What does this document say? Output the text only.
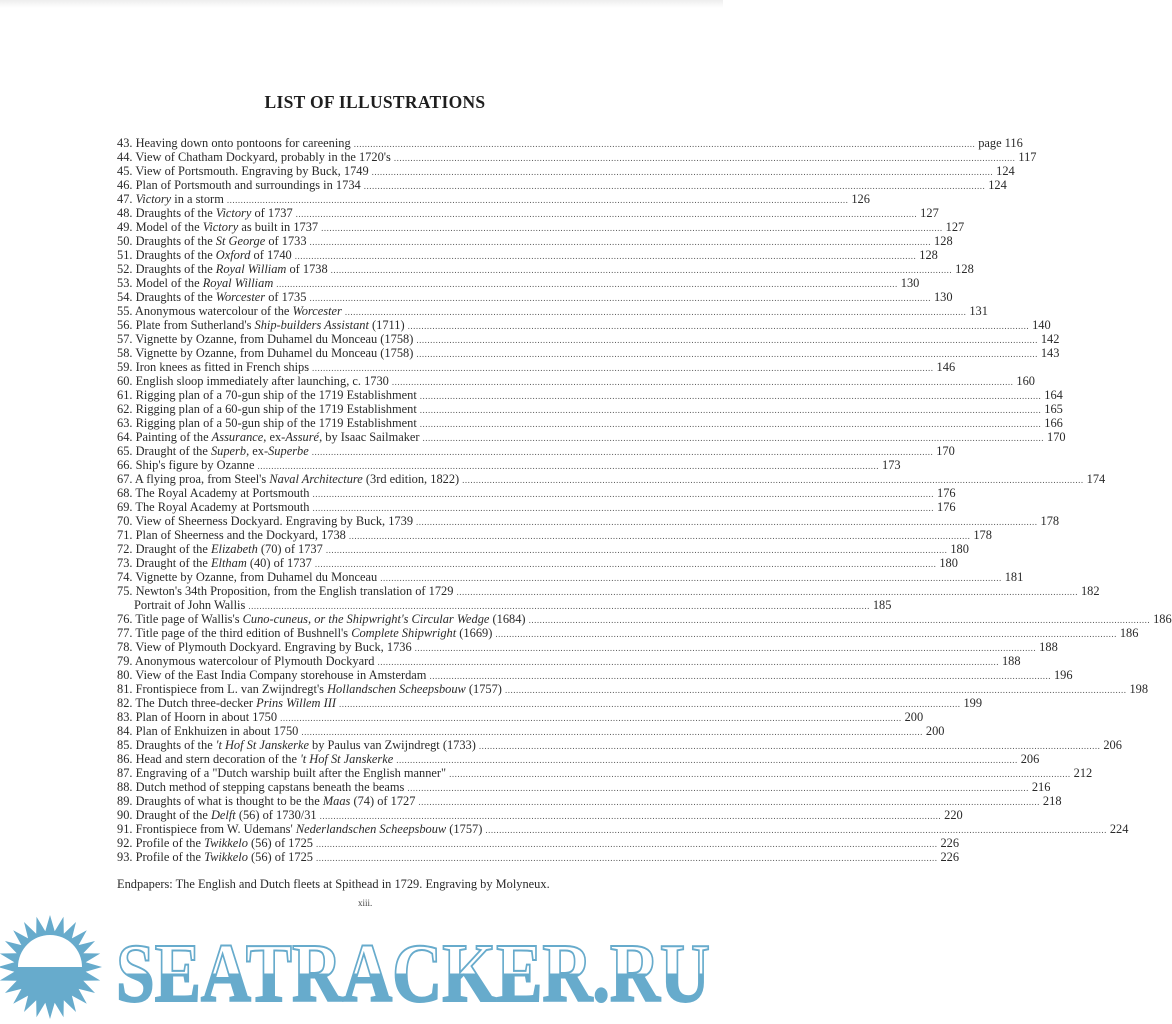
LIST OF ILLUSTRATIONS
43. Heaving down onto pontoons for careening .....	page 116
44. View of Chatham Dockyard, probably in the 1720's .....	117
45. View of Portsmouth. Engraving by Buck, 1749 .....	124
46. Plan of Portsmouth and surroundings in 1734 .....	124
47. Victory in a storm .....	126
48. Draughts of the Victory of 1737 .....	127
49. Model of the Victory as built in 1737 .....	127
50. Draughts of the St George of 1733 .....	128
51. Draughts of the Oxford of 1740 .....	128
52. Draughts of the Royal William of 1738 .....	128
53. Model of the Royal William .....	130
54. Draughts of the Worcester of 1735 .....	130
55. Anonymous watercolour of the Worcester .....	131
56. Plate from Sutherland's Ship-builders Assistant (1711) .....	140
57. Vignette by Ozanne, from Duhamel du Monceau (1758) .....	142
58. Vignette by Ozanne, from Duhamel du Monceau (1758) .....	143
59. Iron knees as fitted in French ships .....	146
60. English sloop immediately after launching, c. 1730 .....	160
61. Rigging plan of a 70-gun ship of the 1719 Establishment .....	164
62. Rigging plan of a 60-gun ship of the 1719 Establishment .....	165
63. Rigging plan of a 50-gun ship of the 1719 Establishment .....	166
64. Painting of the Assurance, ex-Assuré, by Isaac Sailmaker .....	170
65. Draught of the Superb, ex-Superbe .....	170
66. Ship's figure by Ozanne .....	173
67. A flying proa, from Steel's Naval Architecture (3rd edition, 1822) .....	174
68. The Royal Academy at Portsmouth .....	176
69. The Royal Academy at Portsmouth .....	176
70. View of Sheerness Dockyard. Engraving by Buck, 1739 .....	178
71. Plan of Sheerness and the Dockyard, 1738 .....	178
72. Draught of the Elizabeth (70) of 1737 .....	180
73. Draught of the Eltham (40) of 1737 .....	180
74. Vignette by Ozanne, from Duhamel du Monceau .....	181
75. Newton's 34th Proposition, from the English translation of 1729 .....	182
Portrait of John Wallis .....	185
76. Title page of Wallis's Cuno-cuneus, or the Shipwright's Circular Wedge (1684) .....	186
77. Title page of the third edition of Bushnell's Complete Shipwright (1669) .....	186
78. View of Plymouth Dockyard. Engraving by Buck, 1736 .....	188
79. Anonymous watercolour of Plymouth Dockyard .....	188
80. View of the East India Company storehouse in Amsterdam .....	196
81. Frontispiece from L. van Zwijndregt's Hollandschen Scheepsbouw (1757) .....	198
82. The Dutch three-decker Prins Willem III .....	199
83. Plan of Hoorn in about 1750 .....	200
84. Plan of Enkhuizen in about 1750 .....	200
85. Draughts of the 't Hof St Janskerke by Paulus van Zwijndregt (1733) .....	206
86. Head and stern decoration of the 't Hof St Janskerke .....	206
87. Engraving of a "Dutch warship built after the English manner" .....	212
88. Dutch method of stepping capstans beneath the beams .....	216
89. Draughts of what is thought to be the Maas (74) of 1727 .....	218
90. Draught of the Delft (56) of 1730/31 .....	220
91. Frontispiece from W. Udemans' Nederlandschen Scheepsbouw (1757) .....	224
92. Profile of the Twikkelo (56) of 1725 .....	226
93. Profile of the Twikkelo (56) of 1725 .....	226
Endpapers: The English and Dutch fleets at Spithead in 1729. Engraving by Molyneux.
xiii.
SEATRACKER.RU
